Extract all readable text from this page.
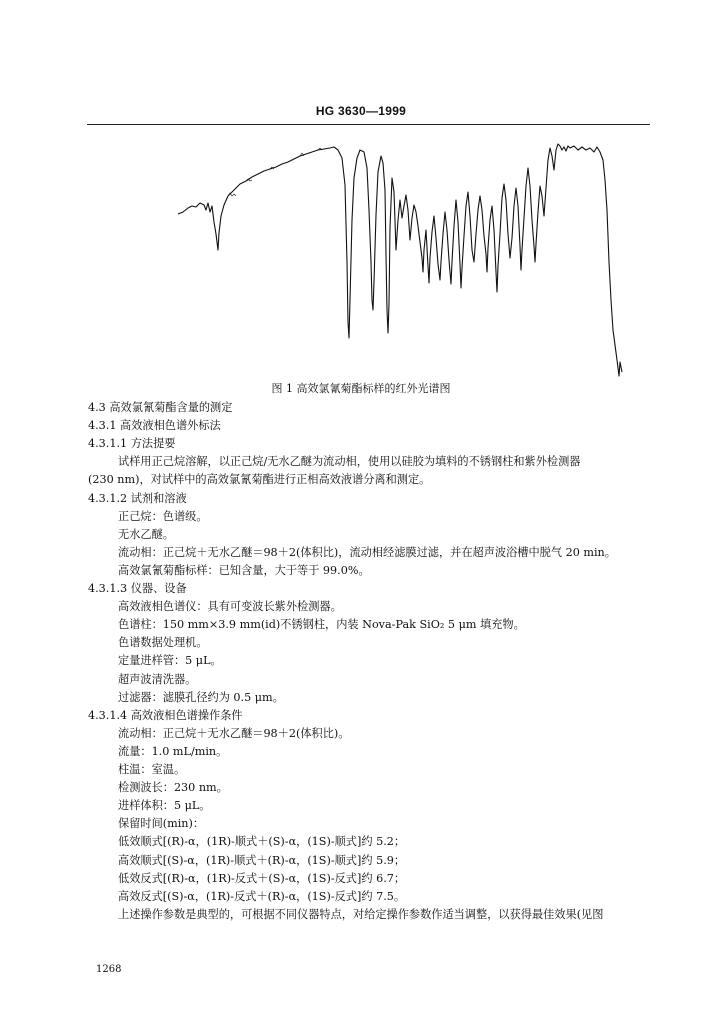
HG 3630—1999
图 1 高效氯氰菊酯标样的红外光谱图
4.3 高效氯氰菊酯含量的测定
4.3.1 高效液相色谱外标法
4.3.1.1 方法提要
试样用正己烷溶解，以正己烷/无水乙醚为流动相，使用以硅胶为填料的不锈钢柱和紫外检测器
(230 nm)，对试样中的高效氯氰菊酯进行正相高效液谱分离和测定。
4.3.1.2 试剂和溶液
正己烷：色谱级。
无水乙醚。
流动相：正己烷＋无水乙醚＝98＋2(体积比)，流动相经滤膜过滤，并在超声波浴槽中脱气 20 min。
高效氯氰菊酯标样：已知含量，大于等于 99.0%。
4.3.1.3 仪器、设备
高效液相色谱仪：具有可变波长紫外检测器。
色谱柱：150 mm×3.9 mm(id)不锈钢柱，内装 Nova-Pak SiO₂ 5 μm 填充物。
色谱数据处理机。
定量进样管：5 μL。
超声波清洗器。
过滤器：滤膜孔径约为 0.5 μm。
4.3.1.4 高效液相色谱操作条件
流动相：正己烷＋无水乙醚＝98＋2(体积比)。
流量：1.0 mL/min。
柱温：室温。
检测波长：230 nm。
进样体积：5 μL。
保留时间(min)：
低效顺式[(R)-α，(1R)-顺式＋(S)-α，(1S)-顺式]约 5.2；
高效顺式[(S)-α，(1R)-顺式＋(R)-α，(1S)-顺式]约 5.9；
低效反式[(R)-α，(1R)-反式＋(S)-α，(1S)-反式]约 6.7；
高效反式[(S)-α，(1R)-反式＋(R)-α，(1S)-反式]约 7.5。
上述操作参数是典型的，可根据不同仪器特点，对给定操作参数作适当调整，以获得最佳效果(见图
1268
